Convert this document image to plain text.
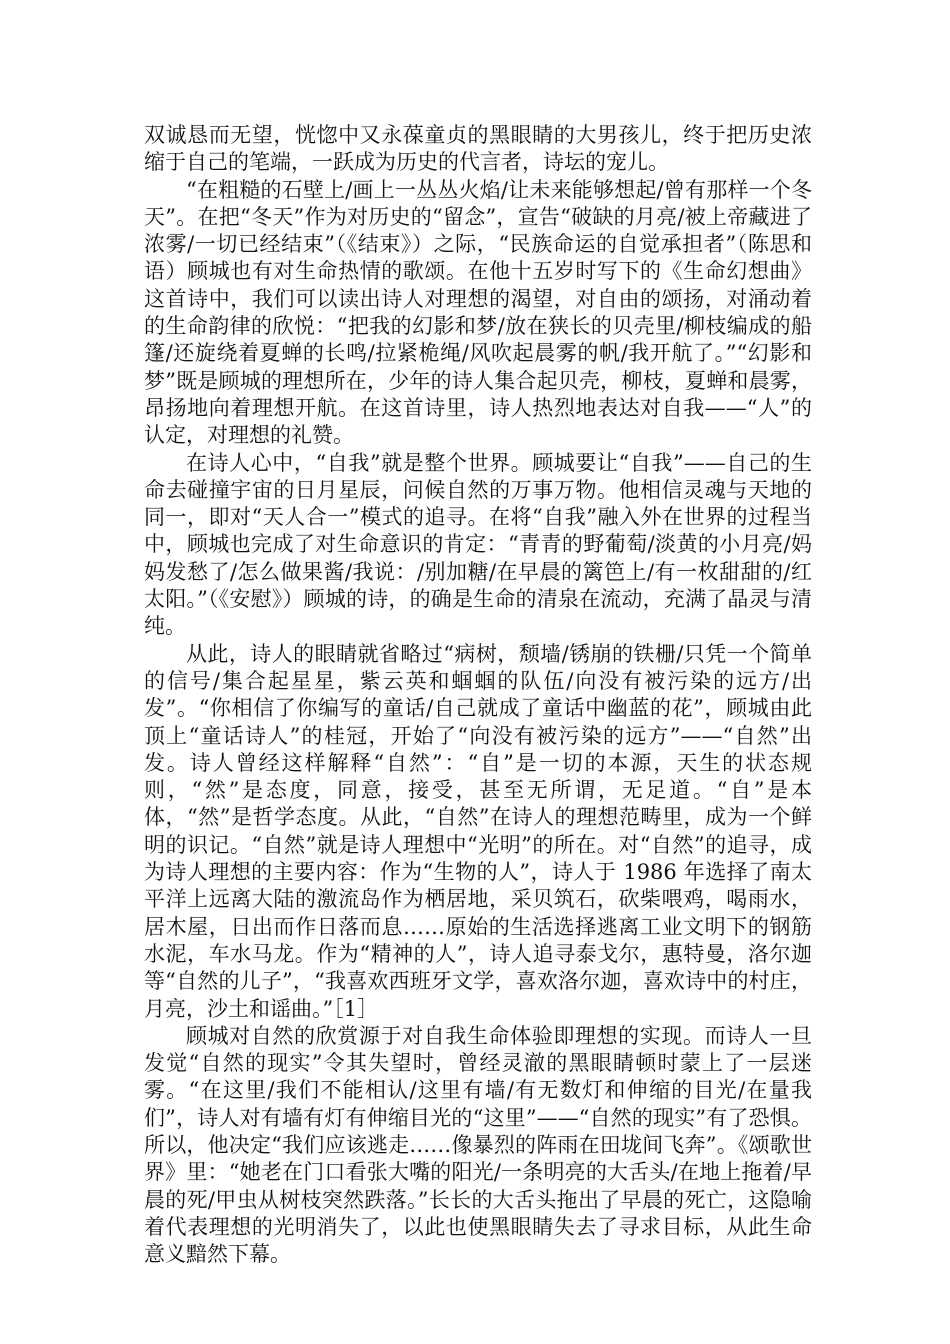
双诚恳而无望，恍惚中又永葆童贞的黑眼睛的大男孩儿，终于把历史浓缩于自己的笔端，一跃成为历史的代言者，诗坛的宠儿。

“在粗糙的石壁上/画上一丛丛火焰/让未来能够想起/曾有那样一个冬天”。在把“冬天”作为对历史的“留念”，宣告“破缺的月亮/被上帝藏进了浓雾/一切已经结束”（《结束》）之际，“民族命运的自觉承担者”（陈思和语）顾城也有对生命热情的歌颂。在他十五岁时写下的《生命幻想曲》这首诗中，我们可以读出诗人对理想的渴望，对自由的颂扬，对涌动着的生命韵律的欣悦：“把我的幻影和梦/放在狭长的贝壳里/柳枝编成的船篷/还旋绕着夏蝉的长鸣/拉紧桅绳/风吹起晨雾的帆/我开航了。”“幻影和梦”既是顾城的理想所在，少年的诗人集合起贝壳，柳枝，夏蝉和晨雾，昂扬地向着理想开航。在这首诗里，诗人热烈地表达对自我——“人”的认定，对理想的礼赞。

在诗人心中，“自我”就是整个世界。顾城要让“自我”——自己的生命去碰撞宇宙的日月星辰，问候自然的万事万物。他相信灵魂与天地的同一，即对“天人合一”模式的追寻。在将“自我”融入外在世界的过程当中，顾城也完成了对生命意识的肯定：“青青的野葡萄/淡黄的小月亮/妈妈发愁了/怎么做果酱/我说：/别加糖/在早晨的篱笆上/有一枚甜甜的/红太阳。”（《安慰》）顾城的诗，的确是生命的清泉在流动，充满了晶灵与清纯。

从此，诗人的眼睛就省略过“病树，颓墙/锈崩的铁栅/只凭一个简单的信号/集合起星星，紫云英和蝈蝈的队伍/向没有被污染的远方/出发”。“你相信了你编写的童话/自己就成了童话中幽蓝的花”，顾城由此顶上“童话诗人”的桂冠，开始了“向没有被污染的远方”——“自然”出发。诗人曾经这样解释“自然”：“自”是一切的本源，天生的状态规则，“然”是态度，同意，接受，甚至无所谓，无足道。“自”是本体，“然”是哲学态度。从此，“自然”在诗人的理想范畴里，成为一个鲜明的识记。“自然”就是诗人理想中“光明”的所在。对“自然”的追寻，成为诗人理想的主要内容：作为“生物的人”，诗人于 1986 年选择了南太平洋上远离大陆的激流岛作为栖居地，采贝筑石，砍柴喂鸡，喝雨水，居木屋，日出而作日落而息……原始的生活选择逃离工业文明下的钢筋水泥，车水马龙。作为“精神的人”，诗人追寻泰戈尔，惠特曼，洛尔迦等“自然的儿子”，“我喜欢西班牙文学，喜欢洛尔迦，喜欢诗中的村庄，月亮，沙土和谣曲。”［1］

顾城对自然的欣赏源于对自我生命体验即理想的实现。而诗人一旦发觉“自然的现实”令其失望时，曾经灵澈的黑眼睛顿时蒙上了一层迷雾。“在这里/我们不能相认/这里有墙/有无数灯和伸缩的目光/在量我们”，诗人对有墙有灯有伸缩目光的“这里”——“自然的现实”有了恐惧。所以，他决定“我们应该逃走……像暴烈的阵雨在田垅间飞奔”。《颂歌世界》里：“她老在门口看张大嘴的阳光/一条明亮的大舌头/在地上拖着/早晨的死/甲虫从树枝突然跌落。”长长的大舌头拖出了早晨的死亡，这隐喻着代表理想的光明消失了，以此也使黑眼睛失去了寻求目标，从此生命意义黯然下幕。
